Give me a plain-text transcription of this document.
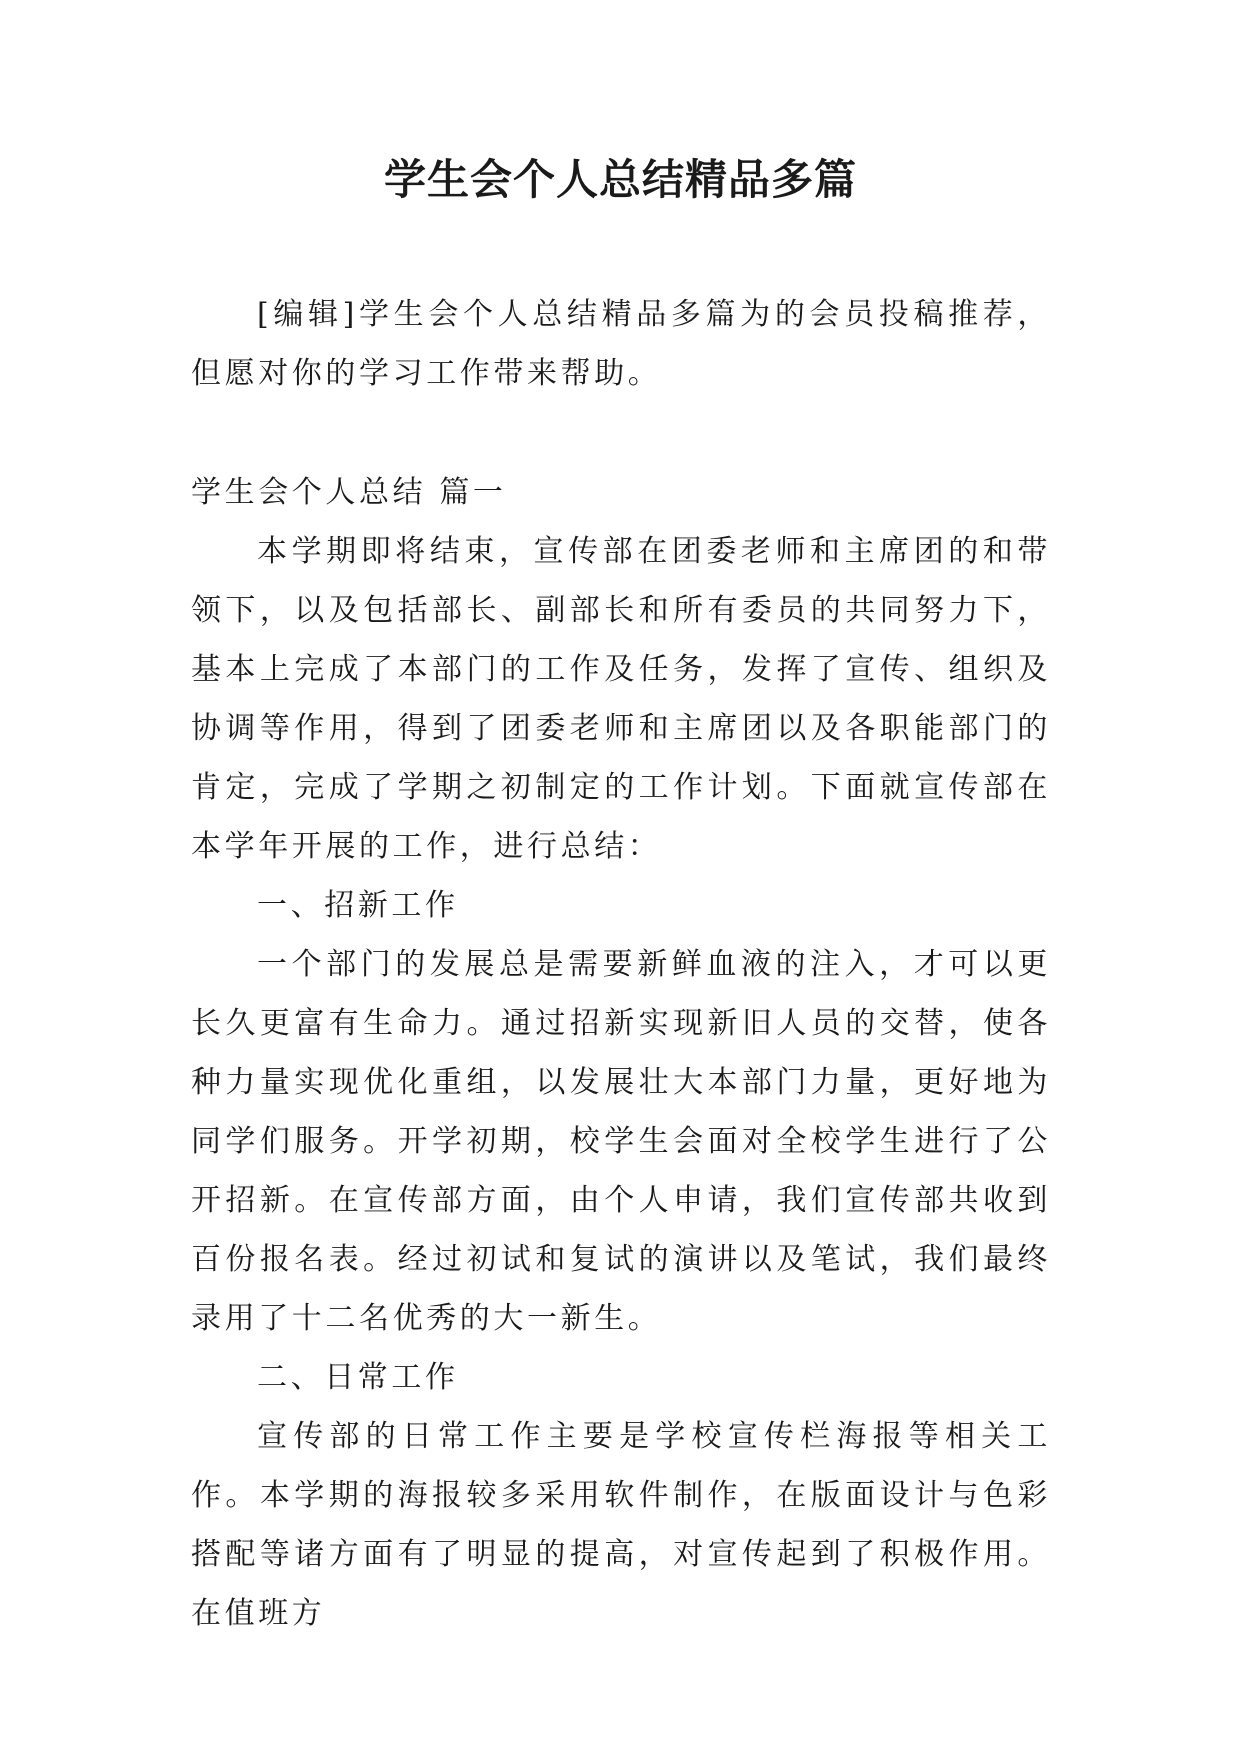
学生会个人总结精品多篇

[编辑]学生会个人总结精品多篇为的会员投稿推荐，但愿对你的学习工作带来帮助。

学生会个人总结 篇一

本学期即将结束，宣传部在团委老师和主席团的和带领下，以及包括部长、副部长和所有委员的共同努力下，基本上完成了本部门的工作及任务，发挥了宣传、组织及协调等作用，得到了团委老师和主席团以及各职能部门的肯定，完成了学期之初制定的工作计划。下面就宣传部在本学年开展的工作，进行总结：

一、招新工作

一个部门的发展总是需要新鲜血液的注入，才可以更长久更富有生命力。通过招新实现新旧人员的交替，使各种力量实现优化重组，以发展壮大本部门力量，更好地为同学们服务。开学初期，校学生会面对全校学生进行了公开招新。在宣传部方面，由个人申请，我们宣传部共收到百份报名表。经过初试和复试的演讲以及笔试，我们最终录用了十二名优秀的大一新生。

二、日常工作

宣传部的日常工作主要是学校宣传栏海报等相关工作。本学期的海报较多采用软件制作，在版面设计与色彩搭配等诸方面有了明显的提高，对宣传起到了积极作用。在值班方
